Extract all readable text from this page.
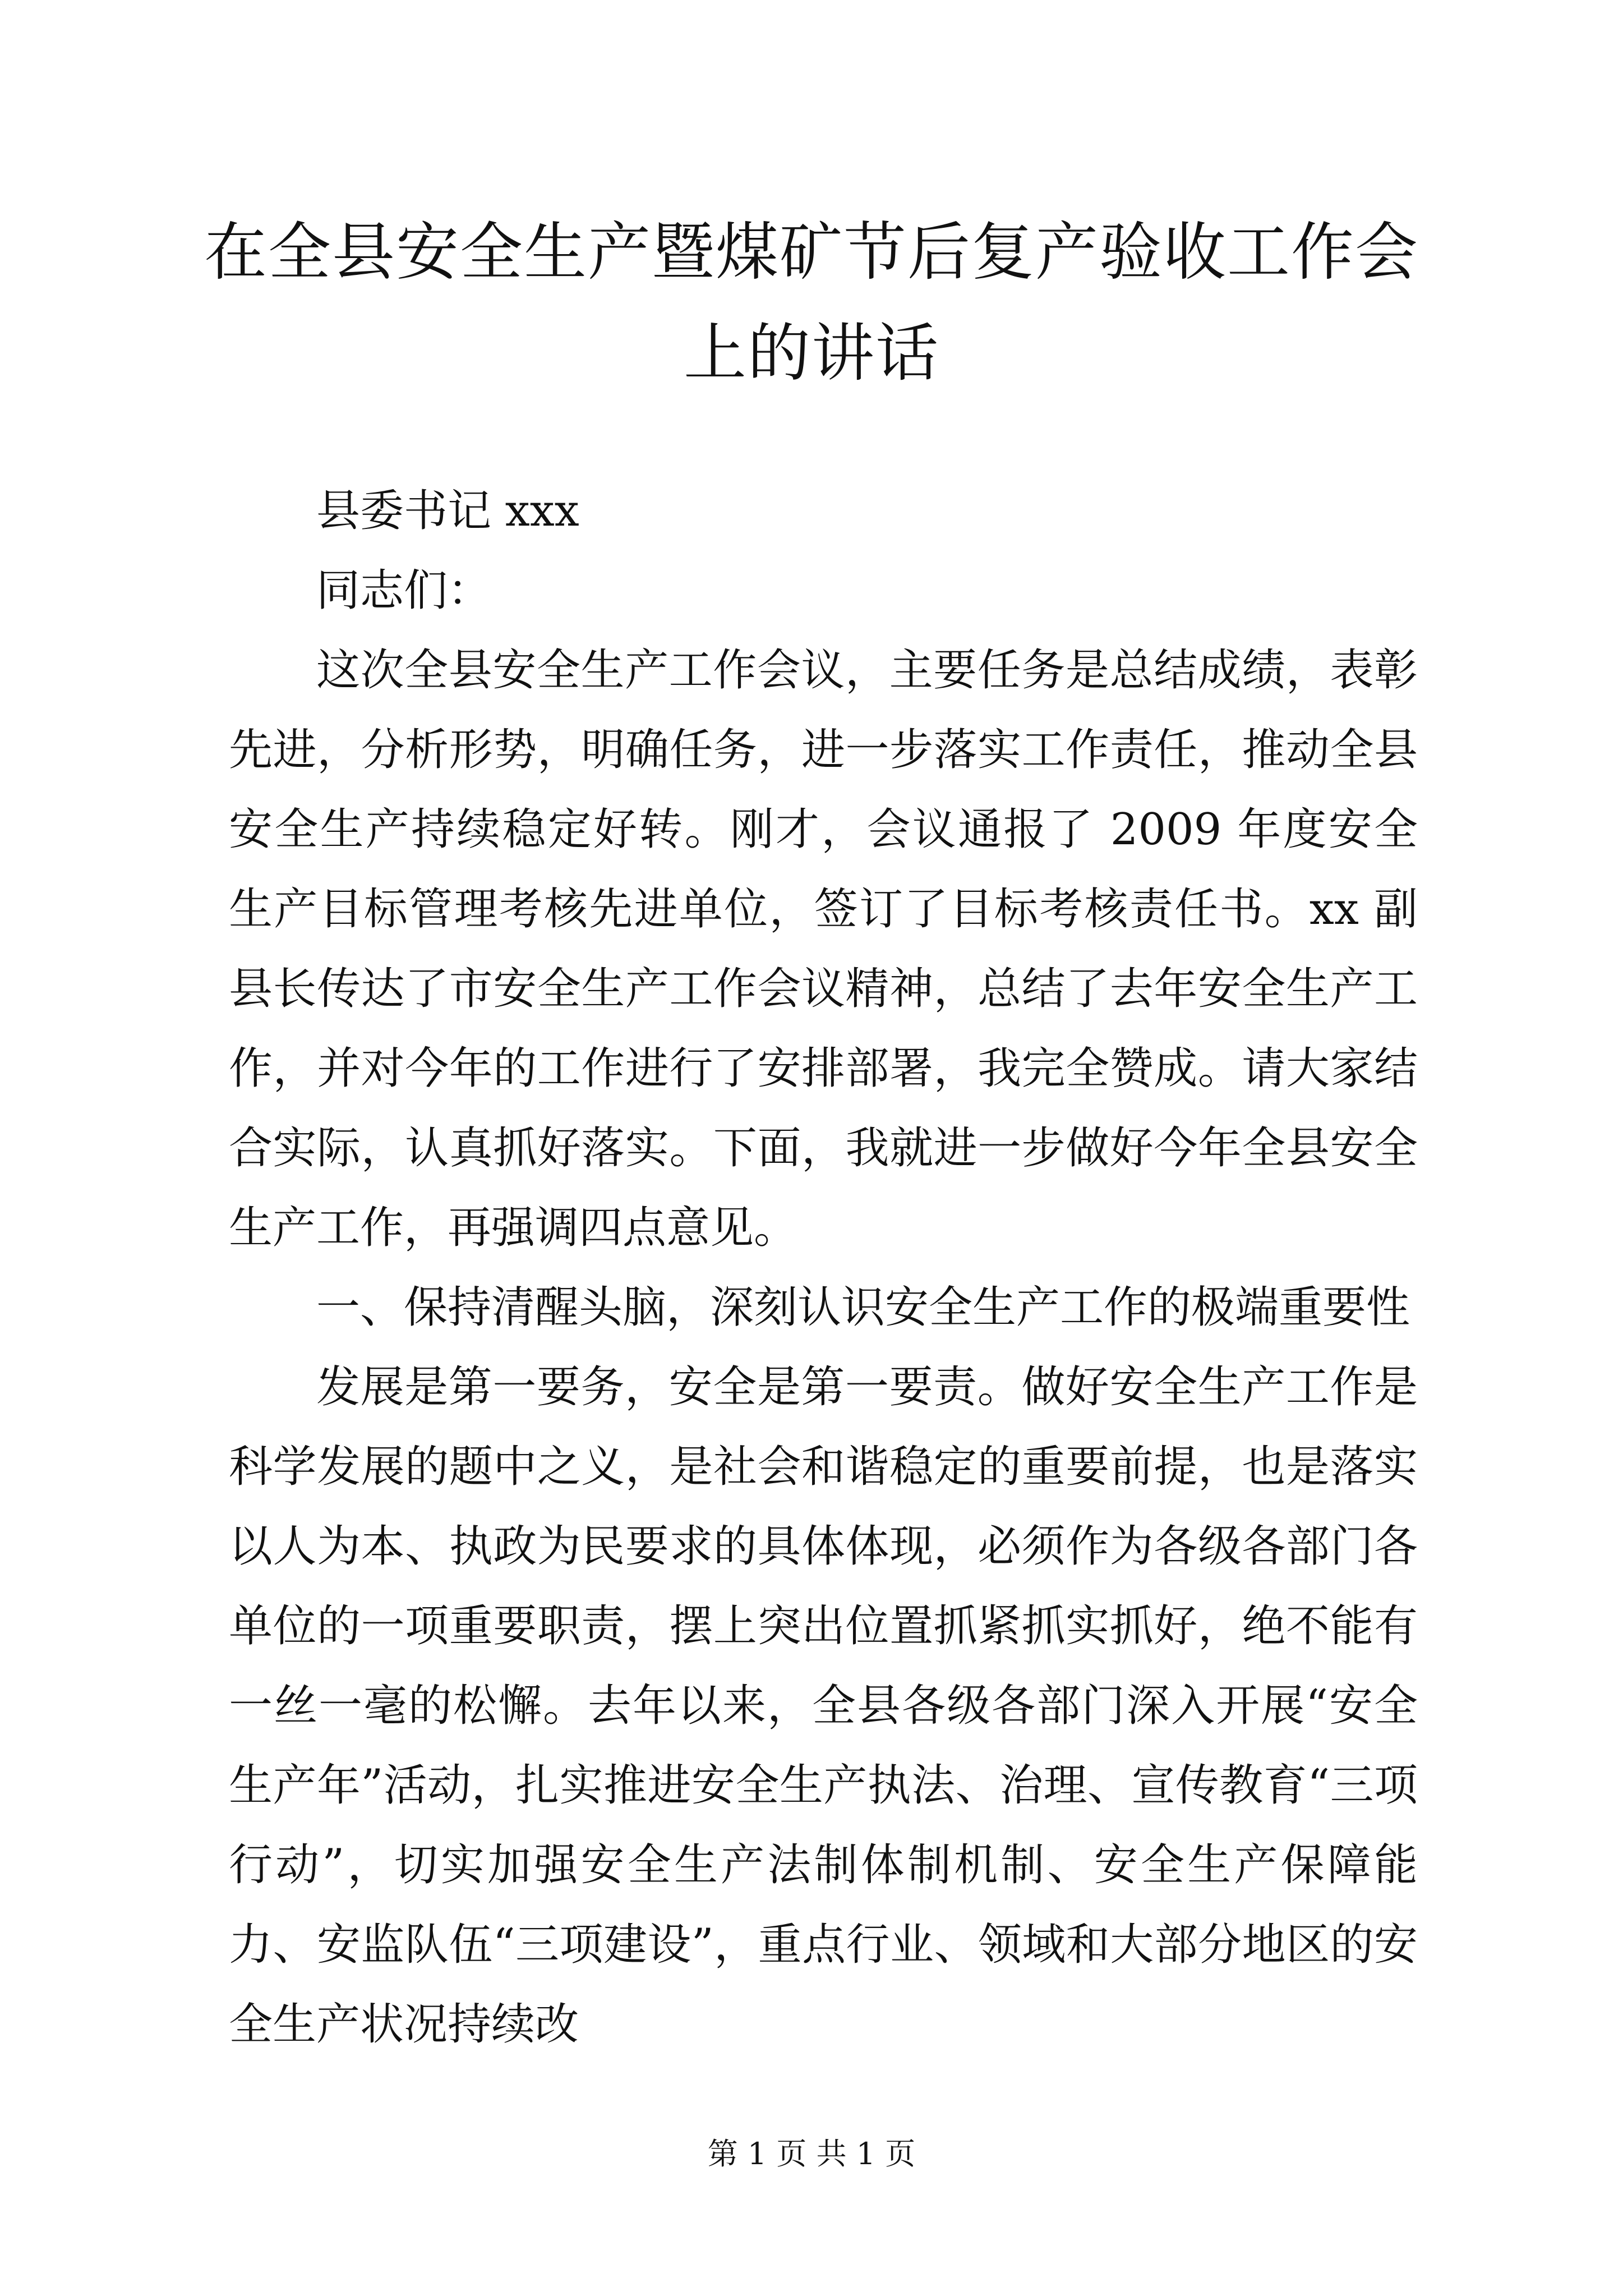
在全县安全生产暨煤矿节后复产验收工作会上的讲话

县委书记 xxx

同志们：

这次全县安全生产工作会议，主要任务是总结成绩，表彰先进，分析形势，明确任务，进一步落实工作责任，推动全县安全生产持续稳定好转。刚才，会议通报了 2009 年度安全生产目标管理考核先进单位，签订了目标考核责任书。xx 副县长传达了市安全生产工作会议精神，总结了去年安全生产工作，并对今年的工作进行了安排部署，我完全赞成。请大家结合实际，认真抓好落实。下面，我就进一步做好今年全县安全生产工作，再强调四点意见。

一、保持清醒头脑，深刻认识安全生产工作的极端重要性

发展是第一要务，安全是第一要责。做好安全生产工作是科学发展的题中之义，是社会和谐稳定的重要前提，也是落实以人为本、执政为民要求的具体体现，必须作为各级各部门各单位的一项重要职责，摆上突出位置抓紧抓实抓好，绝不能有一丝一毫的松懈。去年以来，全县各级各部门深入开展“安全生产年”活动，扎实推进安全生产执法、治理、宣传教育“三项行动”，切实加强安全生产法制体制机制、安全生产保障能力、安监队伍“三项建设”，重点行业、领域和大部分地区的安全生产状况持续改

第 1 页 共 1 页
